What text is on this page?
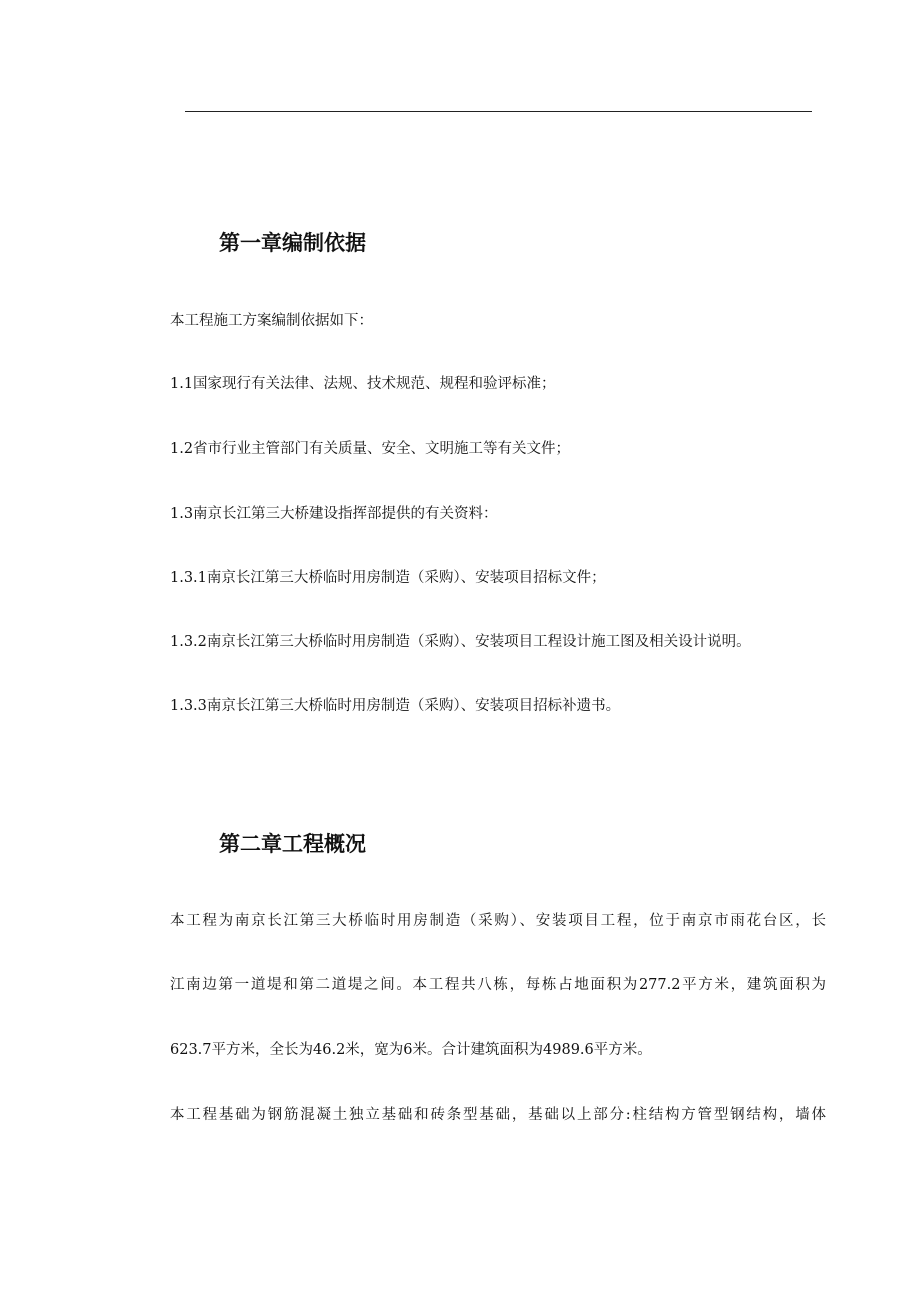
第一章编制依据

本工程施工方案编制依据如下：

1.1国家现行有关法律、法规、技术规范、规程和验评标准；

1.2省市行业主管部门有关质量、安全、文明施工等有关文件；

1.3南京长江第三大桥建设指挥部提供的有关资料：

1.3.1南京长江第三大桥临时用房制造（采购）、安装项目招标文件；

1.3.2南京长江第三大桥临时用房制造（采购）、安装项目工程设计施工图及相关设计说明。

1.3.3南京长江第三大桥临时用房制造（采购）、安装项目招标补遗书。

第二章工程概况

本工程为南京长江第三大桥临时用房制造（采购）、安装项目工程，位于南京市雨花台区，长

江南边第一道堤和第二道堤之间。本工程共八栋，每栋占地面积为277.2平方米，建筑面积为

623.7平方米，全长为46.2米，宽为6米。合计建筑面积为4989.6平方米。

本工程基础为钢筋混凝土独立基础和砖条型基础，基础以上部分:柱结构方管型钢结构，墙体
